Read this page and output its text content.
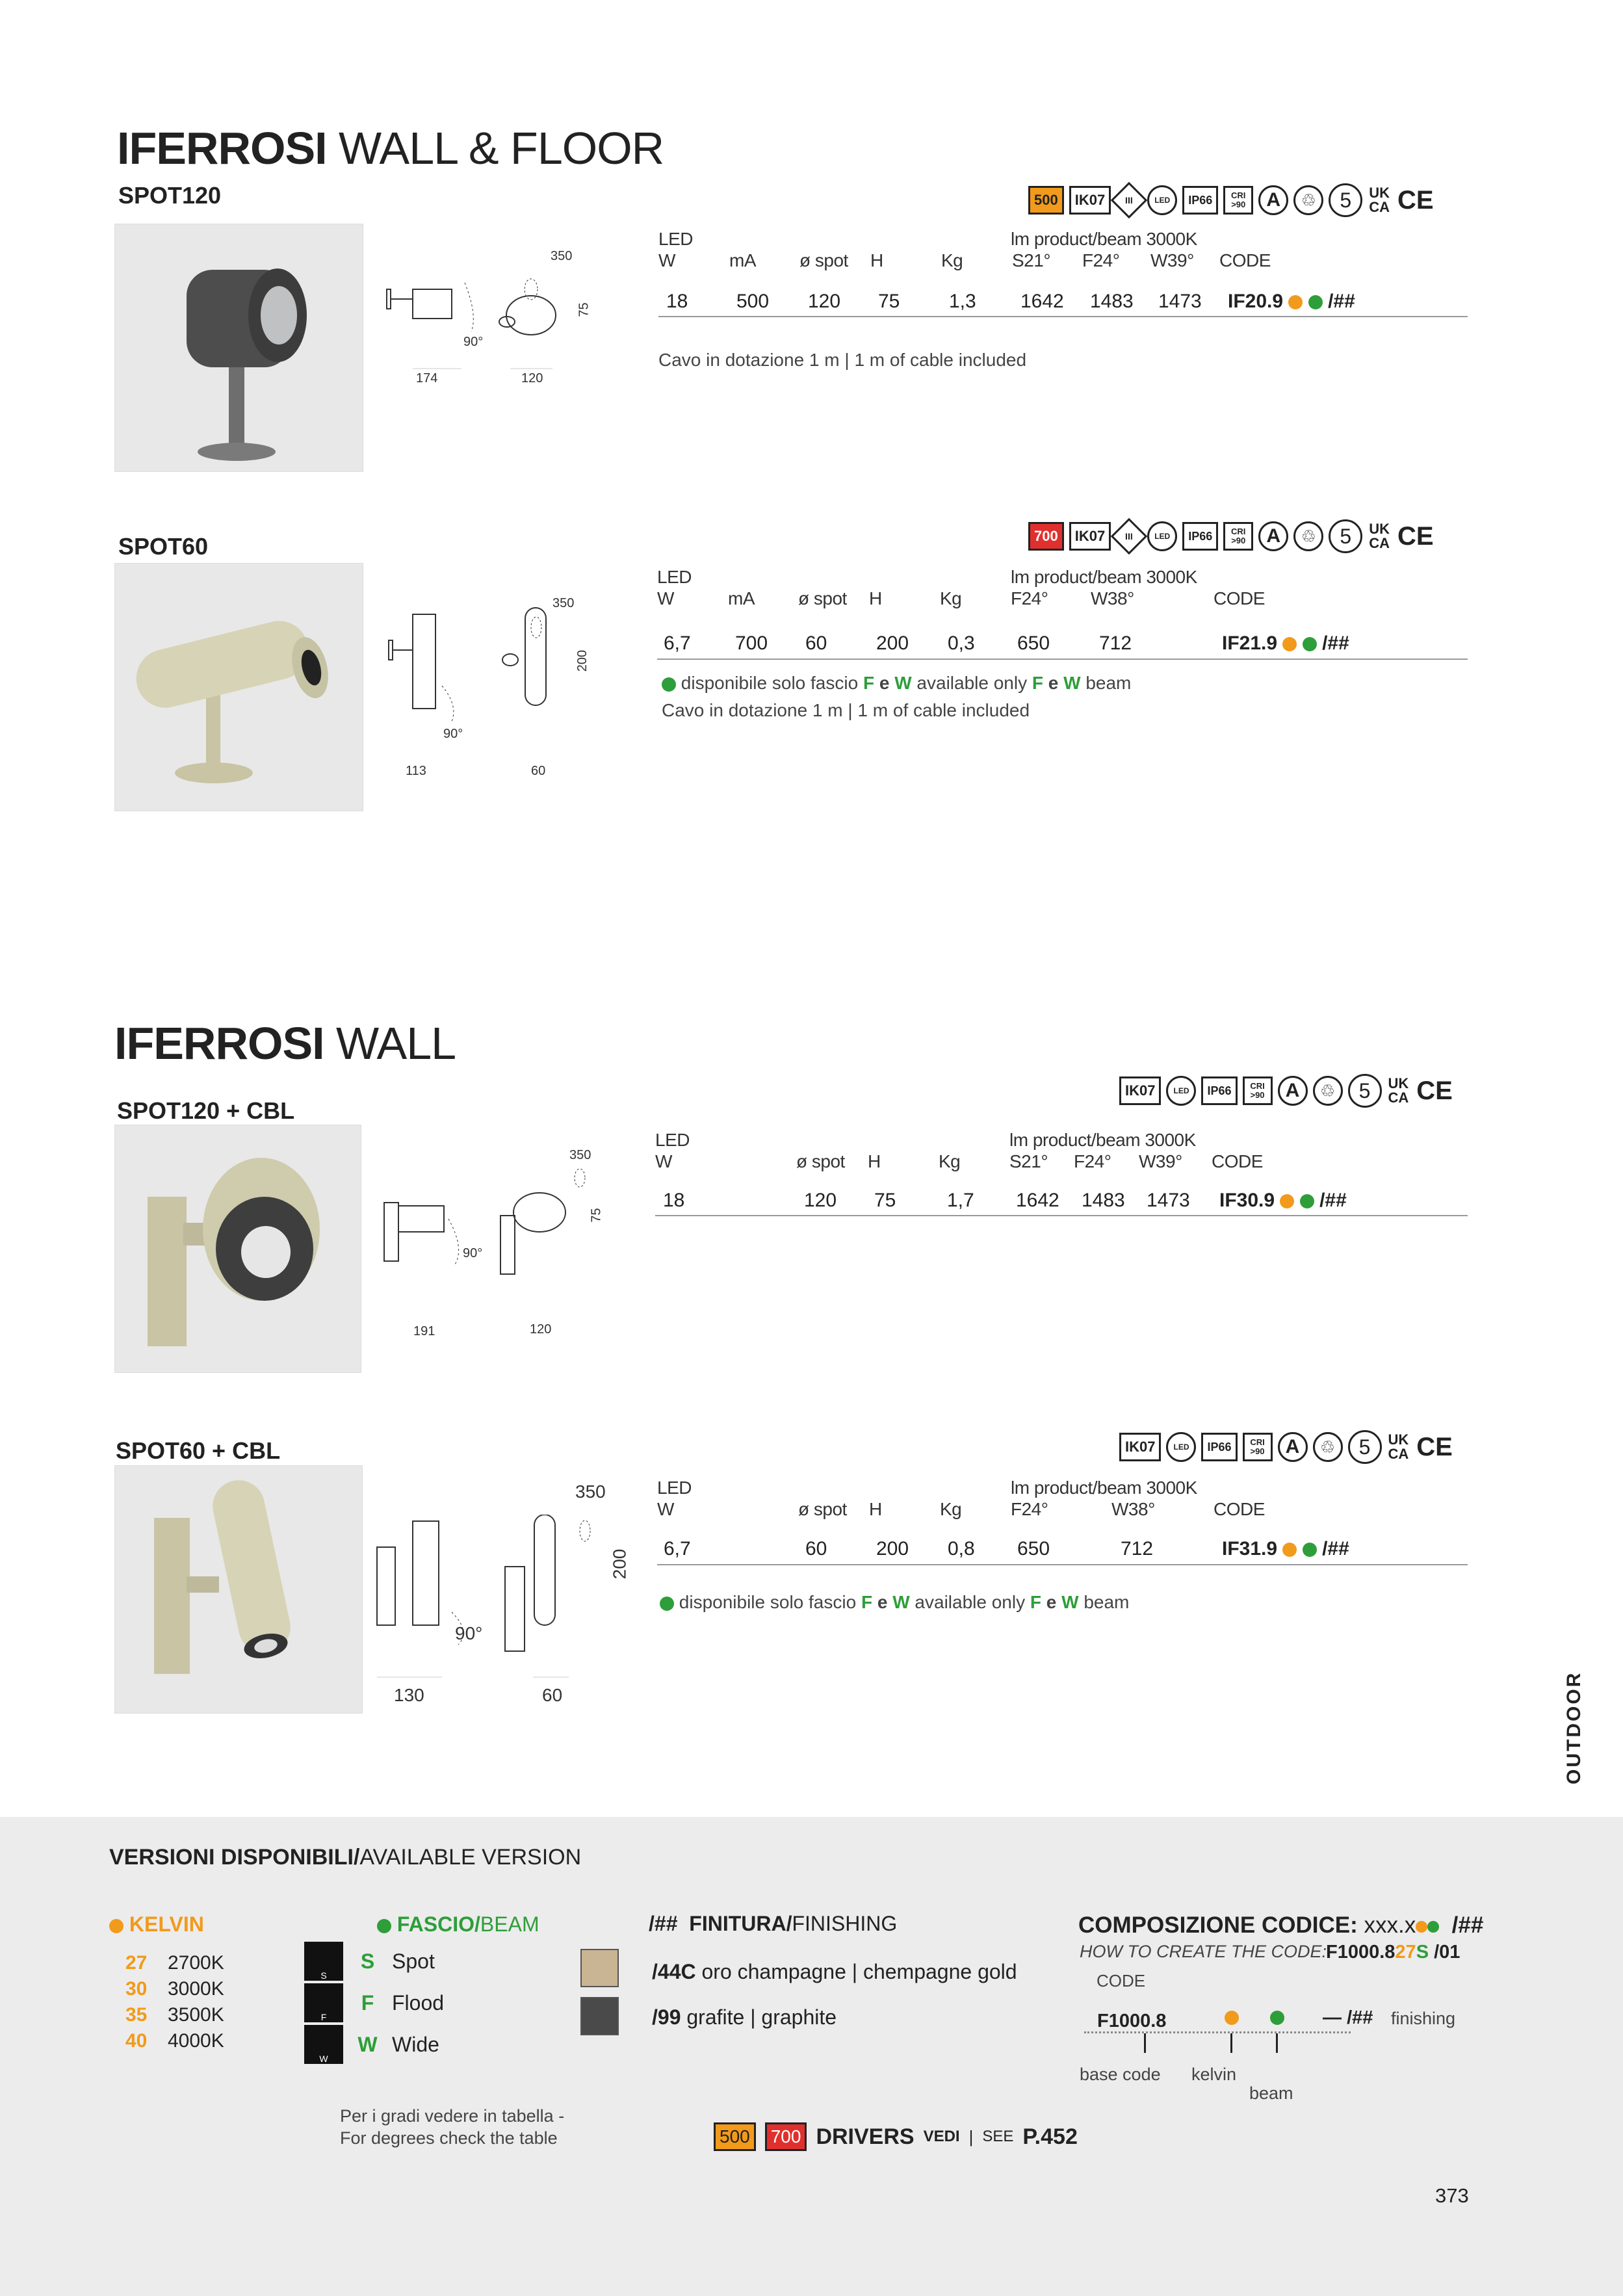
IFERROSI WALL & FLOOR
SPOT120	500	IK07	III	LED	IP66	CRI
>90 A	♲	5	UK
CA CE
350
75
90°
174	120
LED	lm product/beam 3000K
W	mA ø spot H	Kg	S21° F24° W39° CODE
18 500 120 75	1,3 1642 1483 1473 IF20.9 /##
Cavo in dotazione 1 m | 1 m of cable included
SPOT60	700	IK07	III	LED	IP66	CRI
>90 A	♲	5	UK
CA CE
350
200
90°
113	60
LED	lm product/beam 3000K
W	mA ø spot H	Kg	F24° W38°	CODE
6,7 700 60	200 0,3 650	712	IF21.9 /##
disponibile solo fascio F e W available only F e W beam
Cavo in dotazione 1 m | 1 m of cable included
IFERROSI WALL
SPOT120 + CBL
IK07	LED	IP66	CRI
>90 A	♲	5	UK
CA CE
350
75
90°
191	120
LED	lm product/beam 3000K
W	ø spot H	Kg	S21° F24° W39° CODE
18	120 75	1,7 1642 1483 1473 IF30.9 /##
SPOT60 + CBL	IK07	LED	IP66	CRI
>90 A	♲	5	UK
CA CE
350
200
90°
130	60
LED	lm product/beam 3000K
W	ø spot H	Kg	F24°	W38°	CODE
6,7	60	200 0,8 650	712	IF31.9 /##
disponibile solo fascio F e W available only F e W beam
OUTDOOR
VERSIONI DISPONIBILI/AVAILABLE VERSION
KELVIN
27 2700K
30 3000K
35 3500K
40 4000K
FASCIO/BEAM
S
S Spot
F
F Flood
W
W Wide
Per i gradi vedere in tabella -
For degrees check the table
/## FINITURA/FINISHING
/44C oro champagne | chempagne gold
/99 grafite | graphite
COMPOSIZIONE CODICE: xxx.x /##
HOW TO CREATE THE CODE:
F1000.827S /01
CODE
F1000.8	— /## finishing
base code kelvin
beam
500	700 DRIVERS VEDI | SEE P.452
373
